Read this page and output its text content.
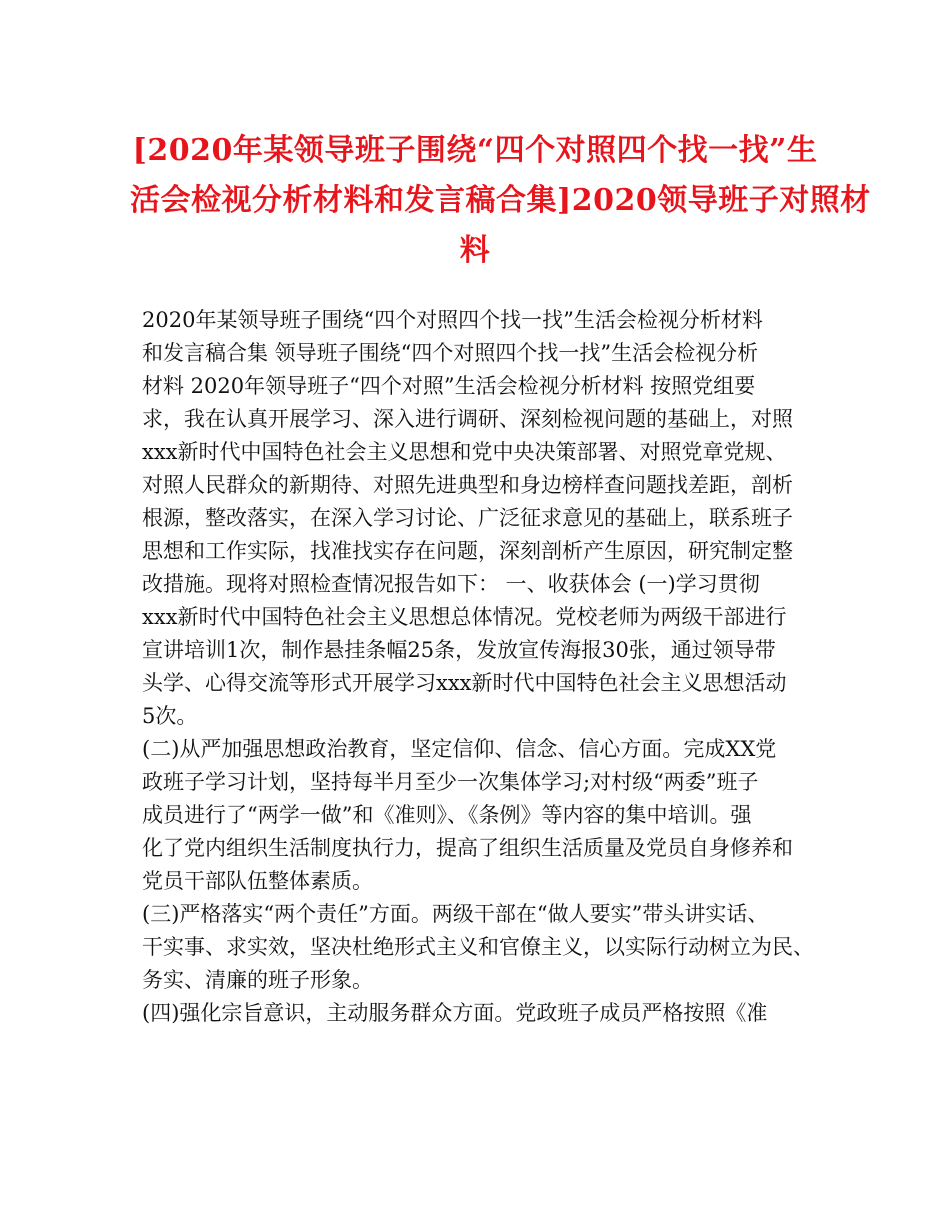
[2020年某领导班子围绕“四个对照四个找一找”生
活会检视分析材料和发言稿合集]2020领导班子对照材
料
2020年某领导班子围绕“四个对照四个找一找”生活会检视分析材料
和发言稿合集 领导班子围绕“四个对照四个找一找”生活会检视分析
材料 2020年领导班子“四个对照”生活会检视分析材料 按照党组要
求，我在认真开展学习、深入进行调研、深刻检视问题的基础上，对照
xxx新时代中国特色社会主义思想和党中央决策部署、对照党章党规、
对照人民群众的新期待、对照先进典型和身边榜样查问题找差距，剖析
根源，整改落实，在深入学习讨论、广泛征求意见的基础上，联系班子
思想和工作实际，找准找实存在问题，深刻剖析产生原因，研究制定整
改措施。现将对照检查情况报告如下： 一、收获体会 (一)学习贯彻
xxx新时代中国特色社会主义思想总体情况。党校老师为两级干部进行
宣讲培训1次，制作悬挂条幅25条，发放宣传海报30张，通过领导带
头学、心得交流等形式开展学习xxx新时代中国特色社会主义思想活动
5次。
(二)从严加强思想政治教育，坚定信仰、信念、信心方面。完成XX党
政班子学习计划，坚持每半月至少一次集体学习;对村级“两委”班子
成员进行了“两学一做”和《准则》、《条例》等内容的集中培训。强
化了党内组织生活制度执行力，提高了组织生活质量及党员自身修养和
党员干部队伍整体素质。
(三)严格落实“两个责任”方面。两级干部在“做人要实”带头讲实话、
干实事、求实效，坚决杜绝形式主义和官僚主义，以实际行动树立为民、
务实、清廉的班子形象。
(四)强化宗旨意识，主动服务群众方面。党政班子成员严格按照《准
